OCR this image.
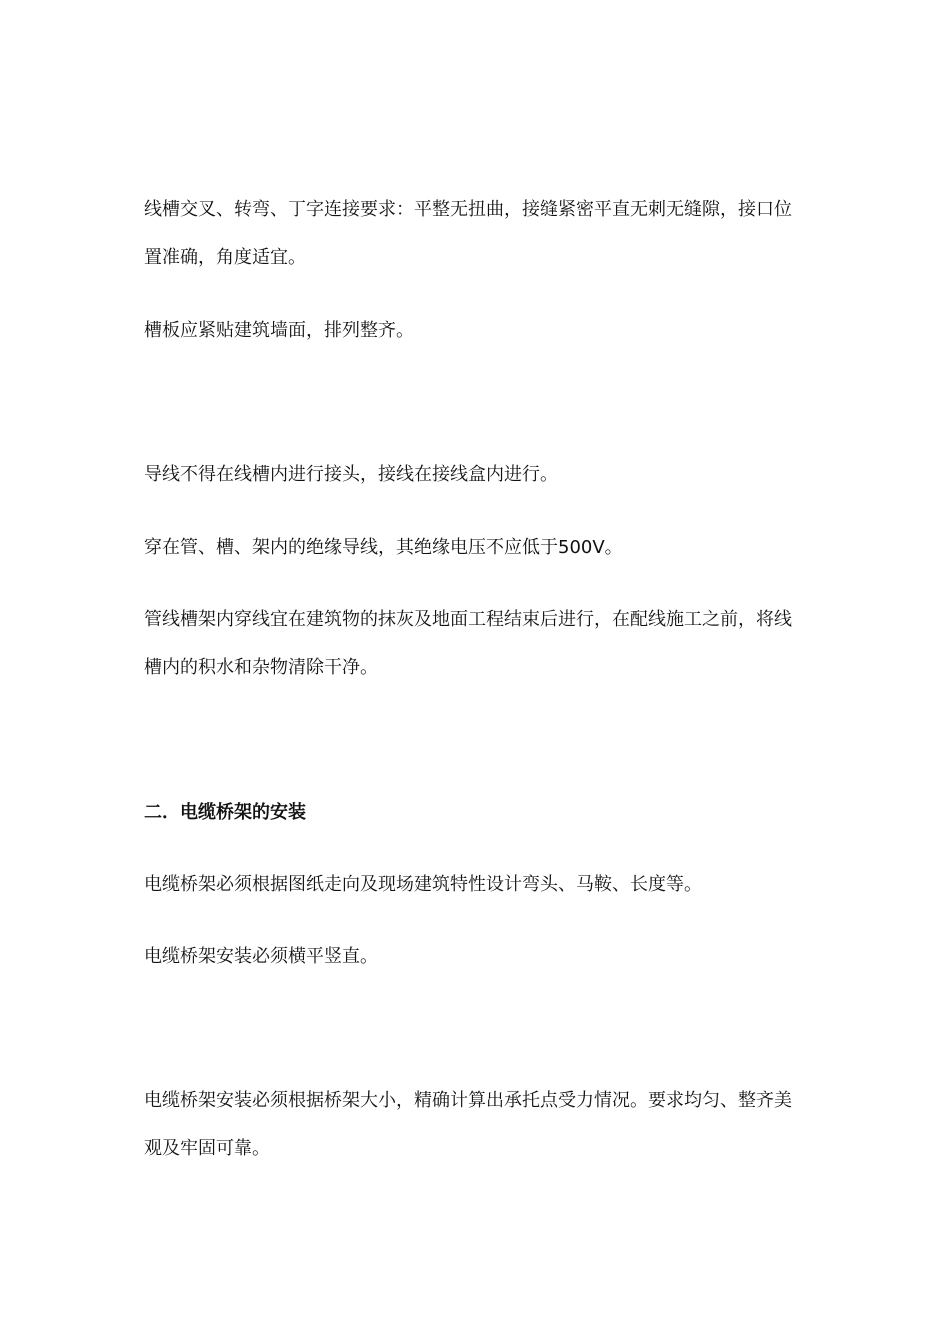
线槽交叉、转弯、丁字连接要求：平整无扭曲，接缝紧密平直无刺无缝隙，接口位置准确，角度适宜。

槽板应紧贴建筑墙面，排列整齐。

导线不得在线槽内进行接头，接线在接线盒内进行。

穿在管、槽、架内的绝缘导线，其绝缘电压不应低于500V。

管线槽架内穿线宜在建筑物的抹灰及地面工程结束后进行，在配线施工之前，将线槽内的积水和杂物清除干净。

二．电缆桥架的安装

电缆桥架必须根据图纸走向及现场建筑特性设计弯头、马鞍、长度等。

电缆桥架安装必须横平竖直。

电缆桥架安装必须根据桥架大小，精确计算出承托点受力情况。要求均匀、整齐美观及牢固可靠。
